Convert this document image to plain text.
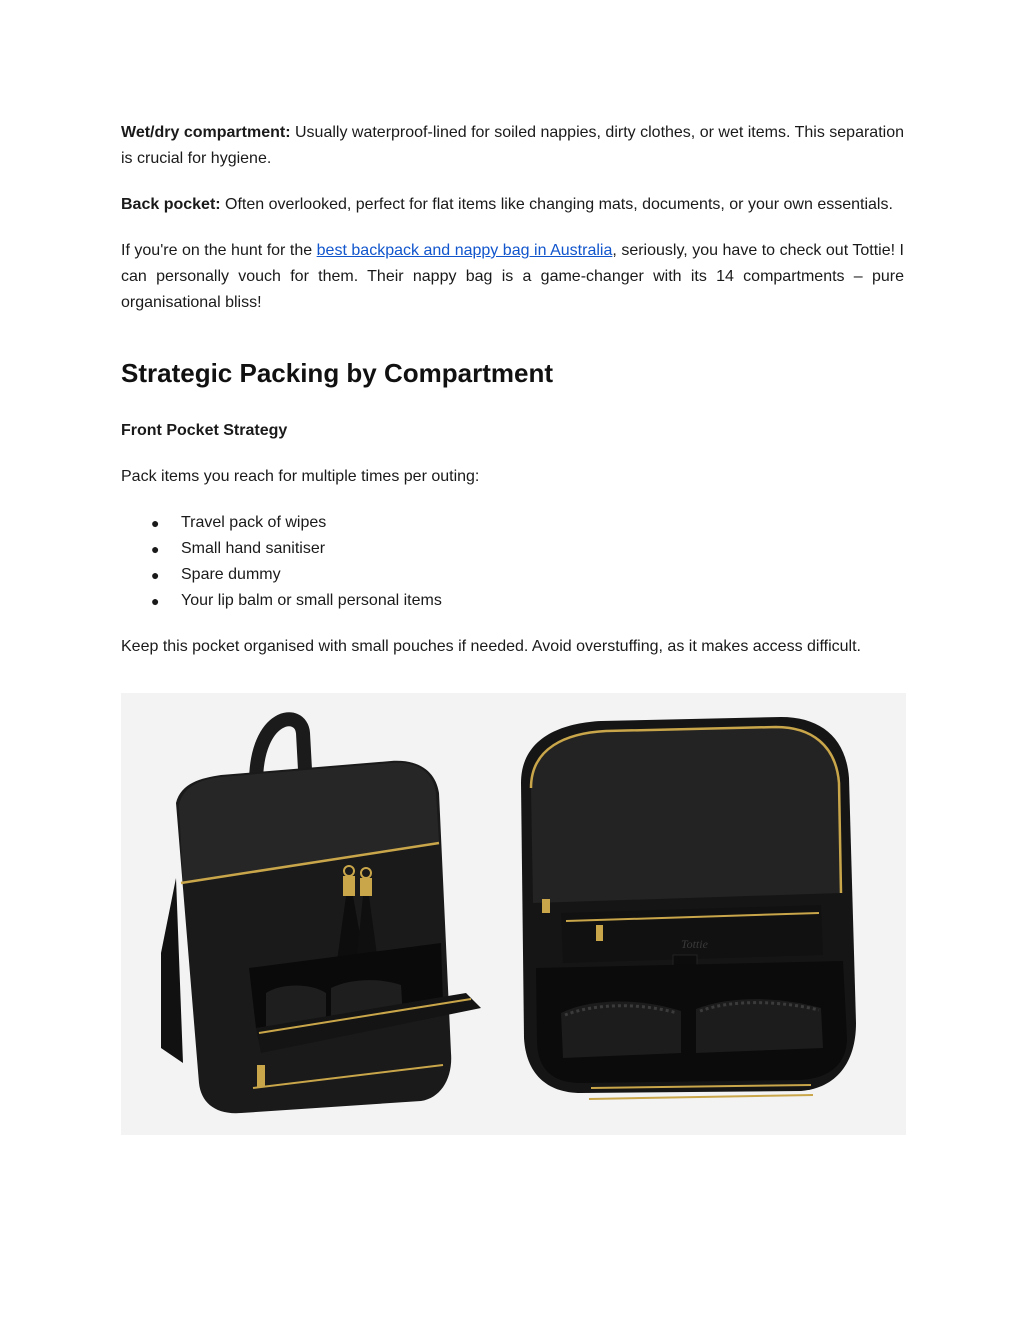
Wet/dry compartment: Usually waterproof-lined for soiled nappies, dirty clothes, or wet items. This separation is crucial for hygiene.

Back pocket: Often overlooked, perfect for flat items like changing mats, documents, or your own essentials.

If you're on the hunt for the best backpack and nappy bag in Australia, seriously, you have to check out Tottie! I can personally vouch for them. Their nappy bag is a game-changer with its 14 compartments – pure organisational bliss!

Strategic Packing by Compartment

Front Pocket Strategy

Pack items you reach for multiple times per outing:

● Travel pack of wipes
● Small hand sanitiser
● Spare dummy
● Your lip balm or small personal items

Keep this pocket organised with small pouches if needed. Avoid overstuffing, as it makes access difficult.

Tottie
